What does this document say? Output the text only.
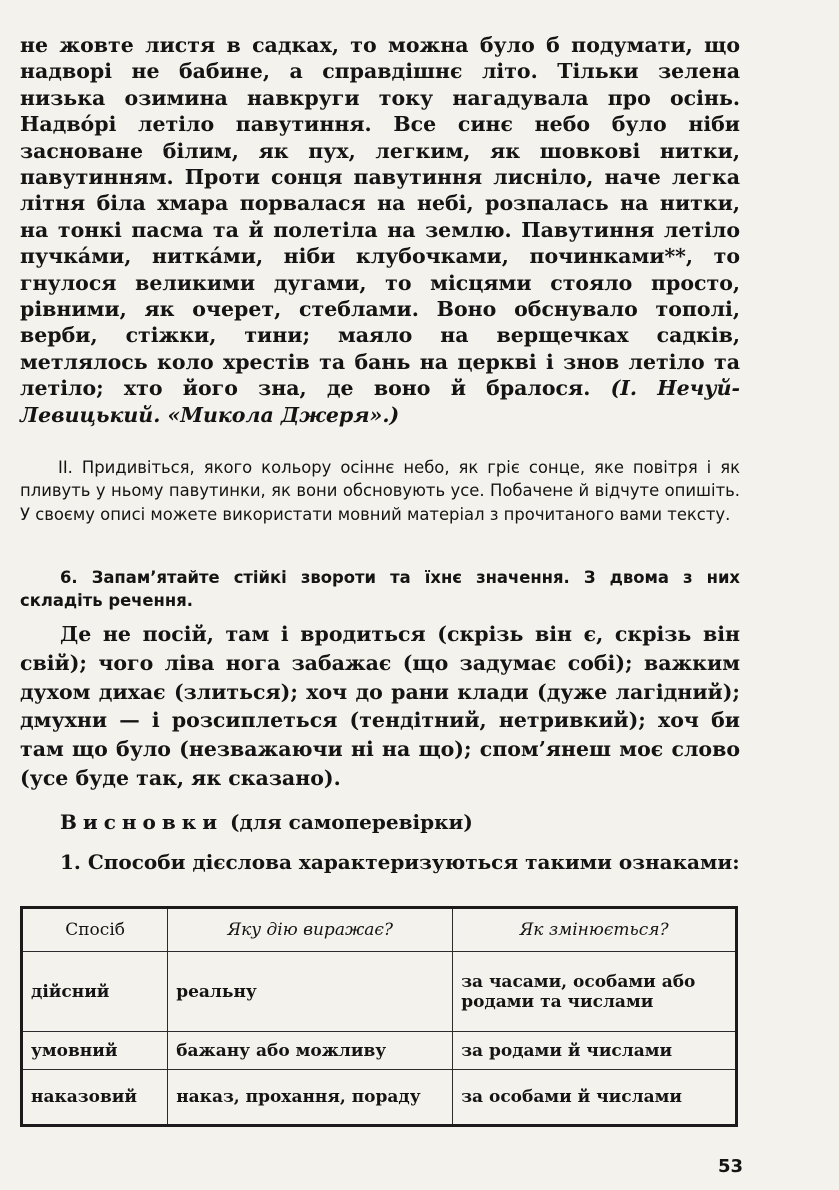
не жовте листя в садках, то можна було б подумати, що надворі не бабине, а справдішнє літо. Тільки зелена низька озимина навкруги току нагадувала про осінь. Надвóрі летіло павутиння. Все синє небо було ніби засноване білим, як пух, легким, як шовкові нитки, павутинням. Проти сонця павутиння лисніло, наче легка літня біла хмара порвалася на небі, розпалась на нитки, на тонкі пасма та й полетіла на землю. Павутиння летіло пучкáми, ниткáми, ніби клубочками, починками**, то гнулося великими дугами, то місцями стояло просто, рівними, як очерет, стеблами. Воно обснувало тополі, верби, стіжки, тини; маяло на верщечках садків, метлялось коло хрестів та бань на церкві і знов летіло та летіло; хто його зна, де воно й бралося. (І. Нечуй-Левицький. «Микола Джеря».)

ІІ. Придивіться, якого кольору осіннє небо, як гріє сонце, яке повітря і як пливуть у ньому павутинки, як вони обсновують усе. Побачене й відчуте опишіть. У своєму описі можете використати мовний матеріал з прочитаного вами тексту.

6. Запам’ятайте стійкі звороти та їхнє значення. З двома з них складіть речення.

Де не посій, там і вродиться (скрізь він є, скрізь він свій); чого ліва нога забажає (що задумає собі); важким духом дихає (злиться); хоч до рани клади (дуже лагідний); дмухни — і розсиплеться (тендітний, нетривкий); хоч би там що було (незважаючи ні на що); спом’янеш моє слово (усе буде так, як сказано).

Висновки (для самоперевірки)

1. Способи дієслова характеризуються такими ознаками:

Спосіб	Яку дію виражає?	Як змінюється?
дійсний	реальну	за часами, особами або родами та числами
умовний	бажану або можливу	за родами й числами
наказовий	наказ, прохання, пораду	за особами й числами
53
